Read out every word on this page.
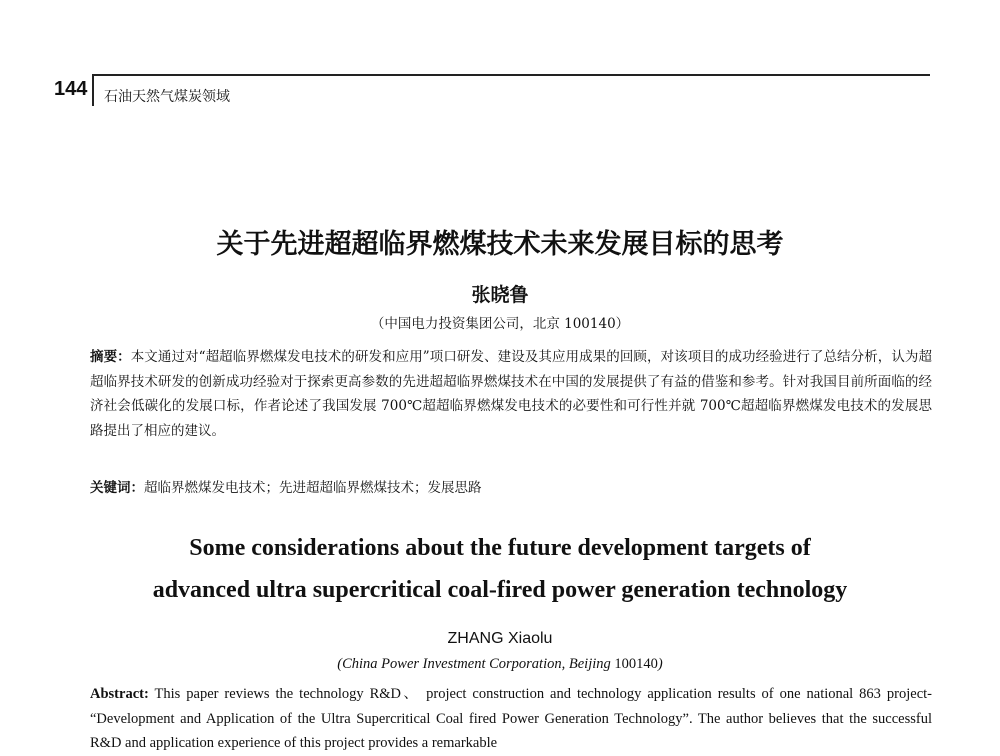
144 石油天然气煤炭领域
关于先进超超临界燃煤技术未来发展目标的思考
张晓鲁
（中国电力投资集团公司，北京 100140）
摘要：本文通过对“超超临界燃煤发电技术的研发和应用”项口研发、建设及其应用成果的回顾，对该项目的成功经验进行了总结分析，认为超超临界技术研发的创新成功经验对于探索更高参数的先进超超临界燃煤技术在中国的发展提供了有益的借鉴和参考。针对我国目前所面临的经济社会低碳化的发展口标，作者论述了我国发展 700℃超超临界燃煤发电技术的必要性和可行性并就 700℃超超临界燃煤发电技术的发展思路提出了相应的建议。
关键词：超临界燃煤发电技术；先进超超临界燃煤技术；发展思路
Some considerations about the future development targets of
advanced ultra supercritical coal-fired power generation technology
ZHANG Xiaolu
(China Power Investment Corporation, Beijing 100140)
Abstract: This paper reviews the technology R&D、 project construction and technology application results of one national 863 project- “Development and Application of the Ultra Supercritical Coal fired Power Generation Technology”. The author believes that the successful R&D and application experience of this project provides a remarkable
